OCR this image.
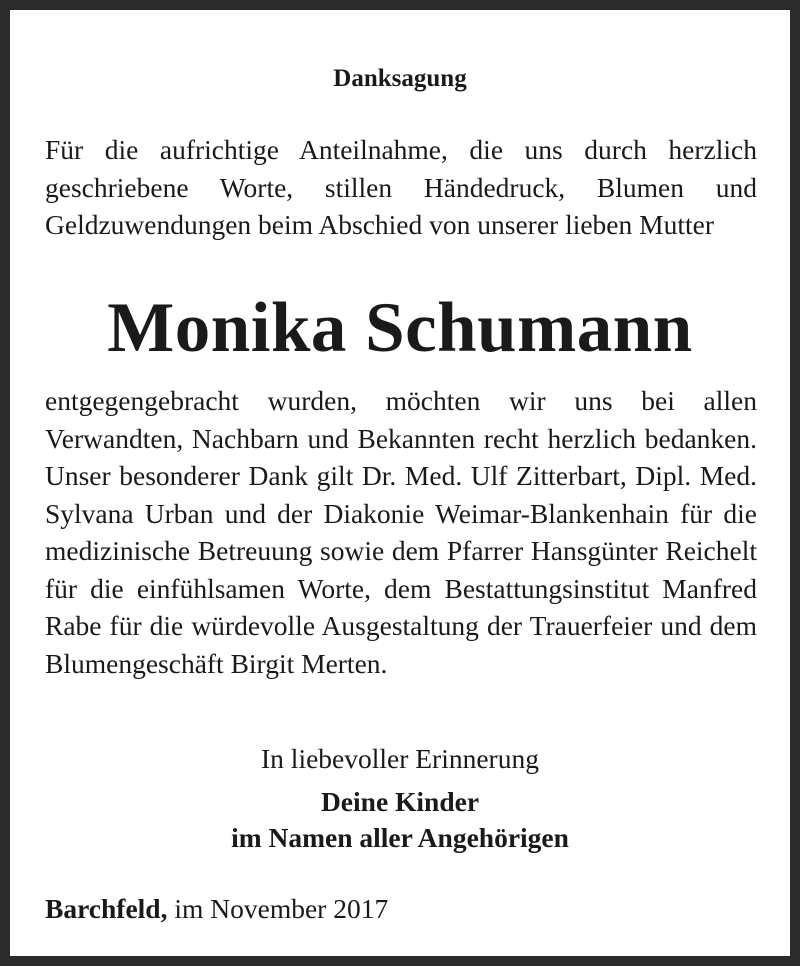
Danksagung
Für die aufrichtige Anteilnahme, die uns durch herzlich geschriebene Worte, stillen Händedruck, Blumen und Geldzuwendungen beim Abschied von unserer lieben Mutter
Monika Schumann
entgegengebracht wurden, möchten wir uns bei allen Verwandten, Nachbarn und Bekannten recht herzlich bedanken. Unser besonderer Dank gilt Dr. Med. Ulf Zitterbart, Dipl. Med. Sylvana Urban und der Diakonie Weimar-Blankenhain für die medizinische Betreuung sowie dem Pfarrer Hansgünter Reichelt für die einfühlsamen Worte, dem Bestattungsinstitut Manfred Rabe für die würdevolle Ausgestaltung der Trauerfeier und dem Blumengeschäft Birgit Merten.
In liebevoller Erinnerung
Deine Kinder
im Namen aller Angehörigen
Barchfeld, im November 2017
